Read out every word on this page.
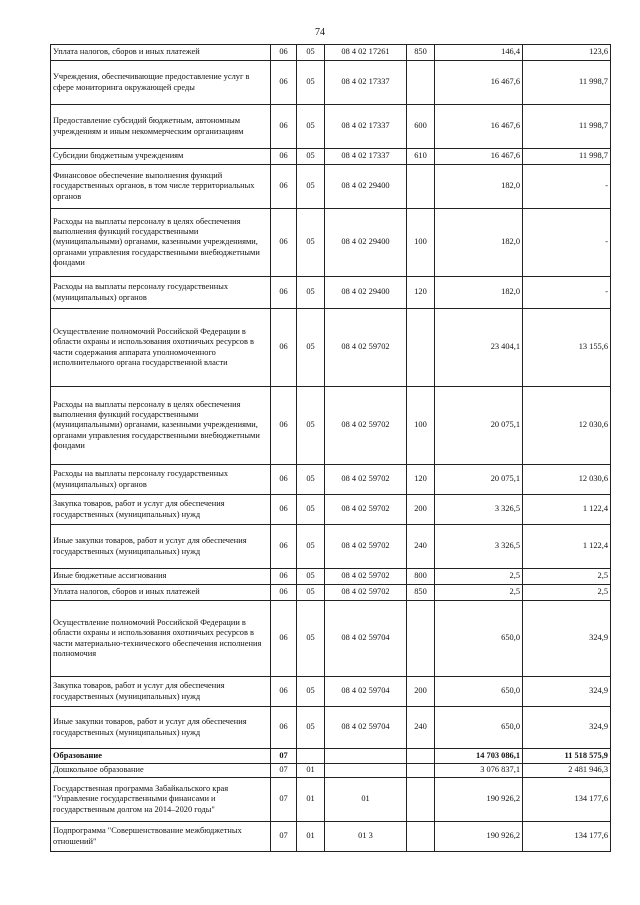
74
Уплата налогов, сборов и иных платежей	06	05	08 4 02 17261	850	146,4	123,6
Учреждения, обеспечивающие предоставление услуг в сфере мониторинга окружающей среды	06	05	08 4 02 17337		16 467,6	11 998,7
Предоставление субсидий бюджетным, автономным учреждениям и иным некоммерческим организациям	06	05	08 4 02 17337	600	16 467,6	11 998,7
Субсидии бюджетным учреждениям	06	05	08 4 02 17337	610	16 467,6	11 998,7
Финансовое обеспечение выполнения функций государственных органов, в том числе территориальных органов	06	05	08 4 02 29400		182,0	-
Расходы на выплаты персоналу в целях обеспечения выполнения функций государственными (муниципальными) органами, казенными учреждениями, органами управления государственными внебюджетными фондами	06	05	08 4 02 29400	100	182,0	-
Расходы на выплаты персоналу государственных (муниципальных) органов	06	05	08 4 02 29400	120	182,0	-
Осуществление полномочий Российской Федерации в области охраны и использования охотничьих ресурсов в части содержания аппарата уполномоченного исполнительного органа государственной власти	06	05	08 4 02 59702		23 404,1	13 155,6
Расходы на выплаты персоналу в целях обеспечения выполнения функций государственными (муниципальными) органами, казенными учреждениями, органами управления государственными внебюджетными фондами	06	05	08 4 02 59702	100	20 075,1	12 030,6
Расходы на выплаты персоналу государственных (муниципальных) органов	06	05	08 4 02 59702	120	20 075,1	12 030,6
Закупка товаров, работ и услуг для обеспечения государственных (муниципальных) нужд	06	05	08 4 02 59702	200	3 326,5	1 122,4
Иные закупки товаров, работ и услуг для обеспечения государственных (муниципальных) нужд	06	05	08 4 02 59702	240	3 326,5	1 122,4
Иные бюджетные ассигнования	06	05	08 4 02 59702	800	2,5	2,5
Уплата налогов, сборов и иных платежей	06	05	08 4 02 59702	850	2,5	2,5
Осуществление полномочий Российской Федерации в области охраны и использования охотничьих ресурсов в части материально-технического обеспечения исполнения полномочия	06	05	08 4 02 59704		650,0	324,9
Закупка товаров, работ и услуг для обеспечения государственных (муниципальных) нужд	06	05	08 4 02 59704	200	650,0	324,9
Иные закупки товаров, работ и услуг для обеспечения государственных (муниципальных) нужд	06	05	08 4 02 59704	240	650,0	324,9
Образование	07				14 703 086,1	11 518 575,9
Дошкольное образование	07	01			3 076 837,1	2 481 946,3
Государственная программа Забайкальского края "Управление государственными финансами и государственным долгом на 2014–2020 годы"	07	01	01		190 926,2	134 177,6
Подпрограмма "Совершенствование межбюджетных отношений"	07	01	01 3		190 926,2	134 177,6
